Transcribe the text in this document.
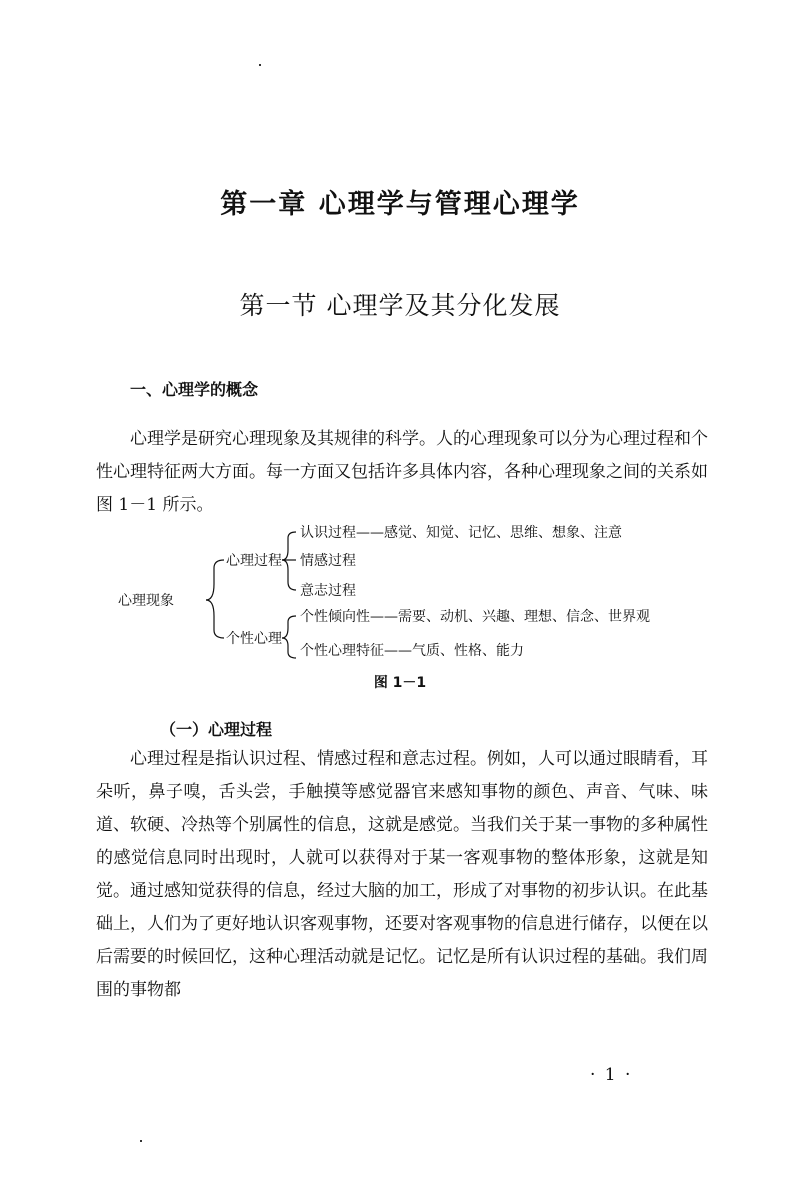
第一章 心理学与管理心理学
第一节 心理学及其分化发展
一、心理学的概念

心理学是研究心理现象及其规律的科学。人的心理现象可以分为心理过程和个性心理特征两大方面。每一方面又包括许多具体内容，各种心理现象之间的关系如图 1－1 所示。

心理现象
心理过程
个性心理
认识过程——感觉、知觉、记忆、思维、想象、注意
情感过程
意志过程
个性倾向性——需要、动机、兴趣、理想、信念、世界观
个性心理特征——气质、性格、能力
图 1－1
（一）心理过程

心理过程是指认识过程、情感过程和意志过程。例如，人可以通过眼睛看，耳朵听，鼻子嗅，舌头尝，手触摸等感觉器官来感知事物的颜色、声音、气味、味道、软硬、冷热等个别属性的信息，这就是感觉。当我们关于某一事物的多种属性的感觉信息同时出现时，人就可以获得对于某一客观事物的整体形象，这就是知觉。通过感知觉获得的信息，经过大脑的加工，形成了对事物的初步认识。在此基础上，人们为了更好地认识客观事物，还要对客观事物的信息进行储存，以便在以后需要的时候回忆，这种心理活动就是记忆。记忆是所有认识过程的基础。我们周围的事物都

· 1 ·
